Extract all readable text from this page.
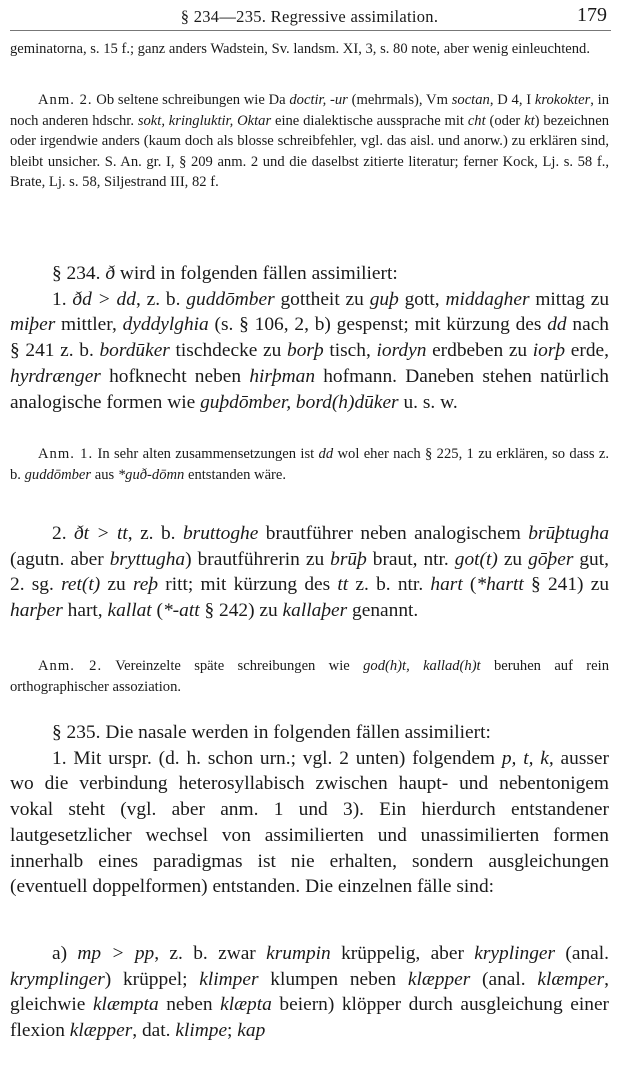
§ 234—235. Regressive assimilation.	179

geminatorna, s. 15 f.; ganz anders Wadstein, Sv. landsm. XI, 3, s. 80 note, aber wenig einleuchtend.

Anm. 2. Ob seltene schreibungen wie Da doctir, -ur (mehrmals), Vm soctan, D 4, I krokokter, in noch anderen hdschr. sokt, kringluktir, Oktar eine dialektische aussprache mit cht (oder kt) bezeichnen oder irgendwie anders (kaum doch als blosse schreibfehler, vgl. das aisl. und anorw.) zu erklären sind, bleibt unsicher. S. An. gr. I, § 209 anm. 2 und die daselbst zitierte literatur; ferner Kock, Lj. s. 58 f., Brate, Lj. s. 58, Siljestrand III, 82 f.

§ 234. ð wird in folgenden fällen assimiliert:

1. ðd > dd, z. b. guddōmber gottheit zu guþ gott, middagher mittag zu miþer mittler, dyddylghia (s. § 106, 2, b) gespenst; mit kürzung des dd nach § 241 z. b. bordūker tischdecke zu borþ tisch, iordyn erdbeben zu iorþ erde, hyrdrænger hofknecht neben hirþman hofmann. Daneben stehen natürlich analogische formen wie guþdōmber, bord(h)dūker u. s. w.

Anm. 1. In sehr alten zusammensetzungen ist dd wol eher nach § 225, 1 zu erklären, so dass z. b. guddōmber aus *guð-dōmn entstanden wäre.

2. ðt > tt, z. b. bruttoghe brautführer neben analogischem brūþtugha (agutn. aber bryttugha) brautführerin zu brūþ braut, ntr. got(t) zu gōþer gut, 2. sg. ret(t) zu reþ ritt; mit kürzung des tt z. b. ntr. hart (*hartt § 241) zu harþer hart, kallat (*-att § 242) zu kallaþer genannt.

Anm. 2. Vereinzelte späte schreibungen wie god(h)t, kallad(h)t beruhen auf rein orthographischer assoziation.

§ 235. Die nasale werden in folgenden fällen assimiliert:

1. Mit urspr. (d. h. schon urn.; vgl. 2 unten) folgendem p, t, k, ausser wo die verbindung heterosyllabisch zwischen haupt- und nebentonigem vokal steht (vgl. aber anm. 1 und 3). Ein hierdurch entstandener lautgesetzlicher wechsel von assimilierten und unassimilierten formen innerhalb eines paradigmas ist nie erhalten, sondern ausgleichungen (eventuell doppelformen) entstanden. Die einzelnen fälle sind:

a) mp > pp, z. b. zwar krumpin krüppelig, aber kryplinger (anal. krymplinger) krüppel; klimper klumpen neben klæpper (anal. klæmper, gleichwie klæmpta neben klæpta beiern) klöpper durch ausgleichung einer flexion klæpper, dat. klimpe; kap
